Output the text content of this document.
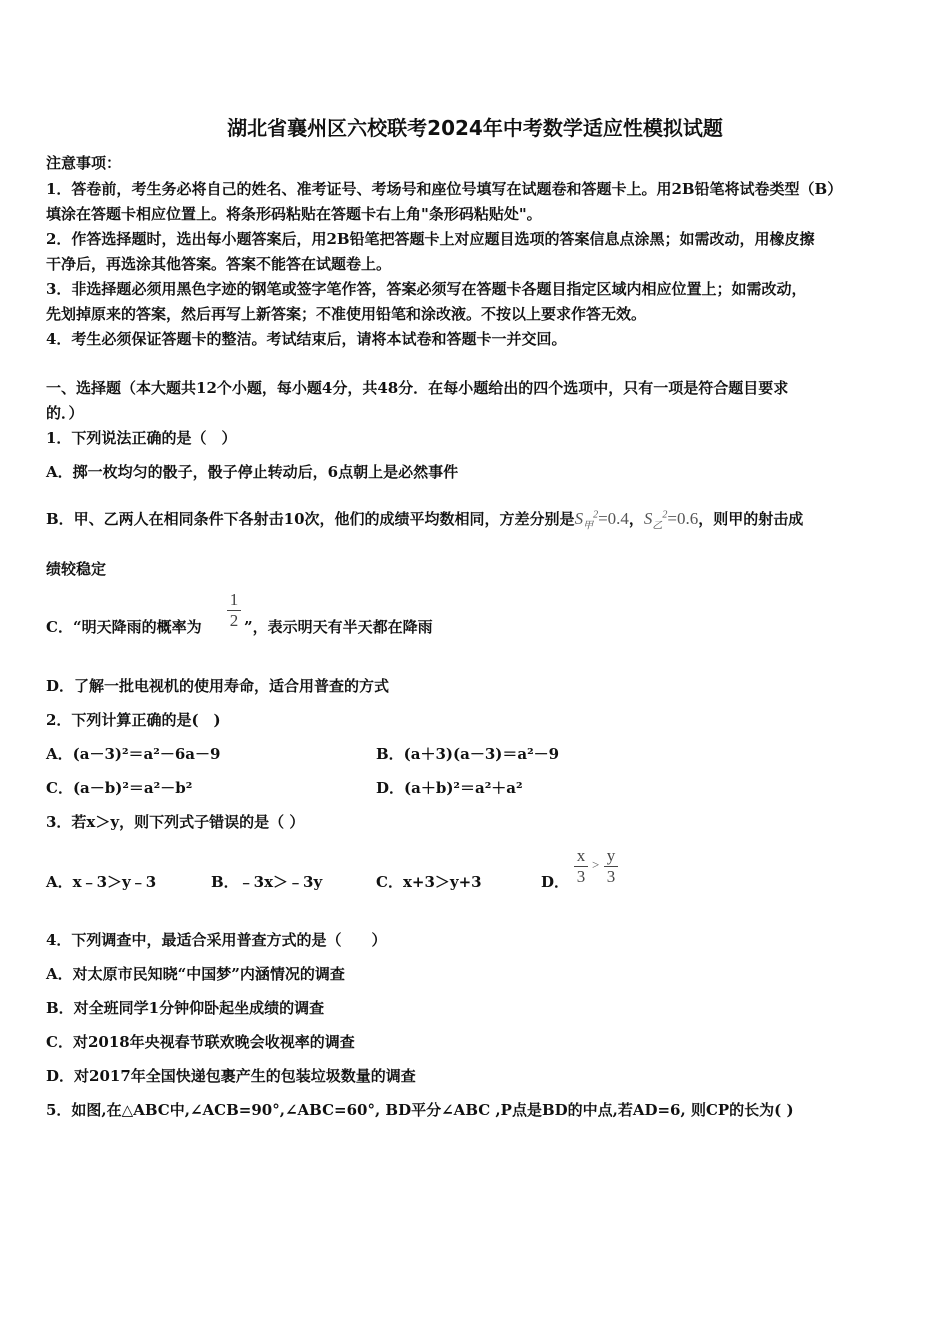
湖北省襄州区六校联考2024年中考数学适应性模拟试题
注意事项：
1．答卷前，考生务必将自己的姓名、准考证号、考场号和座位号填写在试题卷和答题卡上。用2B铅笔将试卷类型（B）
填涂在答题卡相应位置上。将条形码粘贴在答题卡右上角"条形码粘贴处"。
2．作答选择题时，选出每小题答案后，用2B铅笔把答题卡上对应题目选项的答案信息点涂黑；如需改动，用橡皮擦
干净后，再选涂其他答案。答案不能答在试题卷上。
3．非选择题必须用黑色字迹的钢笔或签字笔作答，答案必须写在答题卡各题目指定区域内相应位置上；如需改动，
先划掉原来的答案，然后再写上新答案；不准使用铅笔和涂改液。不按以上要求作答无效。
4．考生必须保证答题卡的整洁。考试结束后，请将本试卷和答题卡一并交回。
一、选择题（本大题共12个小题，每小题4分，共48分．在每小题给出的四个选项中，只有一项是符合题目要求
的．）
1．下列说法正确的是（　）
A．掷一枚均匀的骰子，骰子停止转动后，6点朝上是必然事件
B．甲、乙两人在相同条件下各射击10次，他们的成绩平均数相同，方差分别是$S_甲^2=0.4$，$S_乙^2=0.6$，则甲的射击成
绩较稳定
C．“明天降雨的概率为
1
2 ”，表示明天有半天都在降雨
D．了解一批电视机的使用寿命，适合用普查的方式
2．下列计算正确的是(　)
A．(a－3)²＝a²－6a－9	B．(a＋3)(a－3)＝a²－9
C．(a－b)²＝a²－b²	D．(a＋b)²＝a²＋a²
3．若x＞y，则下列式子错误的是（ ）
A．x﹣3＞y﹣3	B．﹣3x＞﹣3y	C．x+3＞y+3	D．
x
3
> y
3
4．下列调查中，最适合采用普查方式的是（　　）
A．对太原市民知晓“中国梦”内涵情况的调查
B．对全班同学1分钟仰卧起坐成绩的调查
C．对2018年央视春节联欢晚会收视率的调查
D．对2017年全国快递包裹产生的包装垃圾数量的调查
5．如图,在△ABC中,∠ACB=90°,∠ABC=60°, BD平分∠ABC ,P点是BD的中点,若AD=6, 则CP的长为( )
